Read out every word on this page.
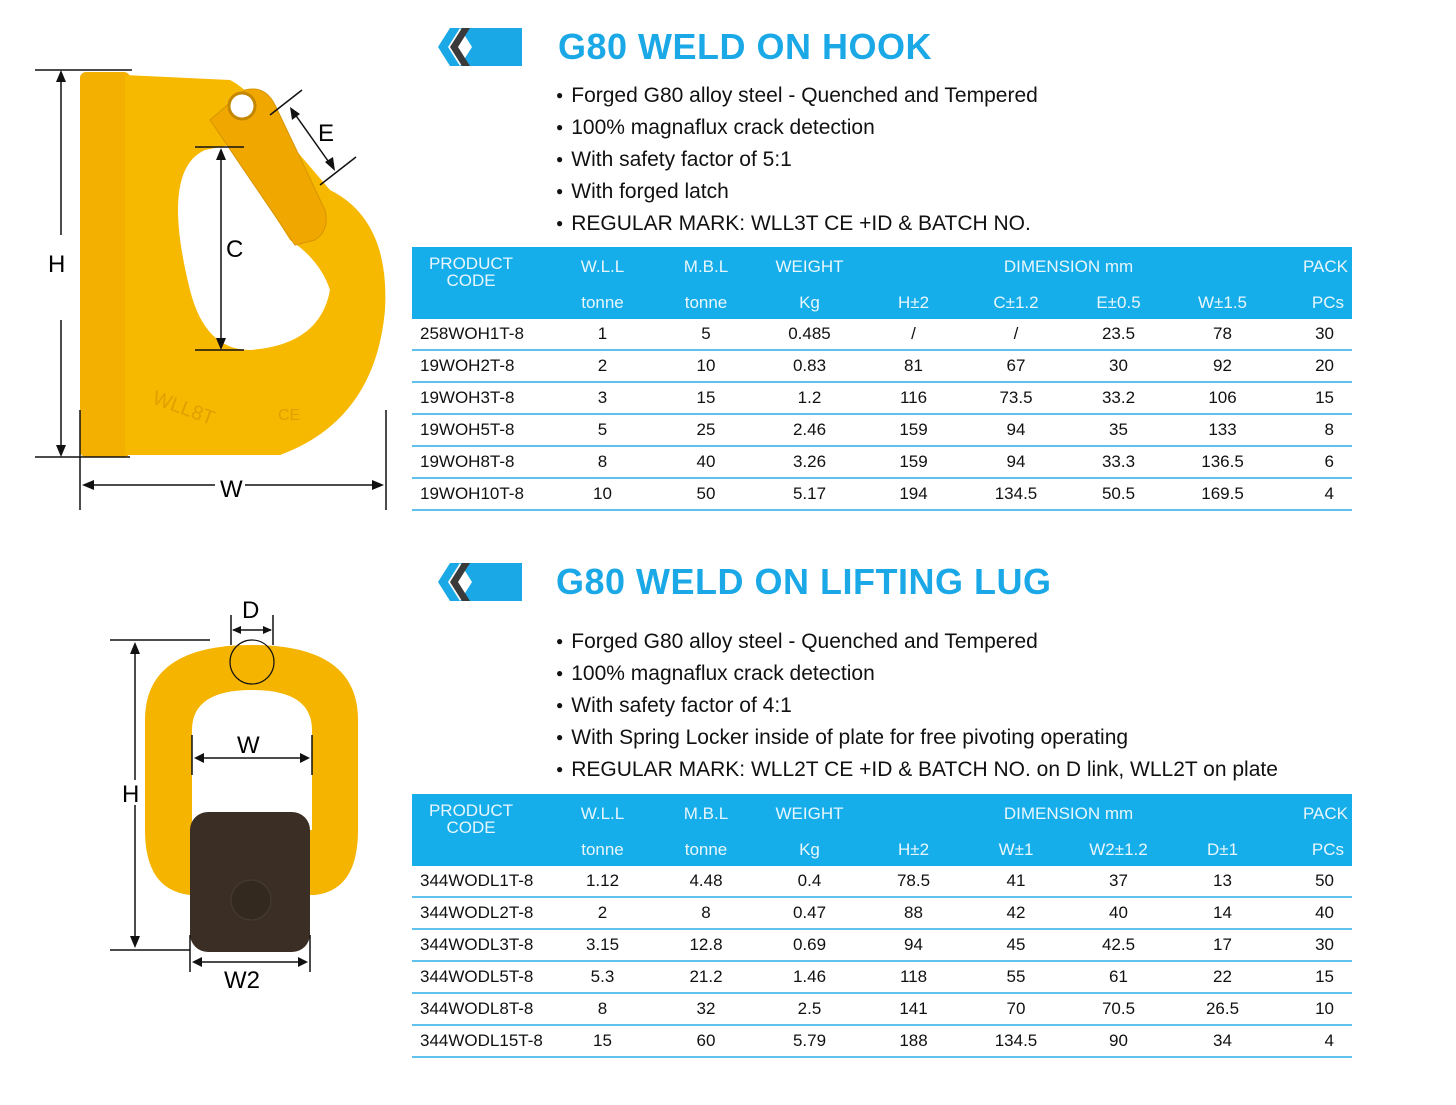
G80 WELD ON HOOK
● Forged G80 alloy steel - Quenched and Tempered
● 100% magnaflux crack detection
● With safety factor of 5:1
● With forged latch
● REGULAR MARK: WLL3T CE +ID & BATCH NO.
WLL8T	CE
H
C
E
W
PRODUCT CODE	W.L.L	M.B.L	WEIGHT	DIMENSION mm				PACK
	tonne	tonne	Kg	H±2	C±1.2	E±0.5	W±1.5	PCs
258WOH1T-8	1	5	0.485	/	/	23.5	78	30
19WOH2T-8	2	10	0.83	81	67	30	92	20
19WOH3T-8	3	15	1.2	116	73.5	33.2	106	15
19WOH5T-8	5	25	2.46	159	94	35	133	8
19WOH8T-8	8	40	3.26	159	94	33.3	136.5	6
19WOH10T-8	10	50	5.17	194	134.5	50.5	169.5	4
G80 WELD ON LIFTING LUG
● Forged G80 alloy steel - Quenched and Tempered
● 100% magnaflux crack detection
● With safety factor of 4:1
● With Spring Locker inside of plate for free pivoting operating
● REGULAR MARK: WLL2T CE +ID & BATCH NO. on D link, WLL2T on plate
D
W
H
W2
PRODUCT CODE	W.L.L	M.B.L	WEIGHT	DIMENSION mm				PACK
	tonne	tonne	Kg	H±2	W±1	W2±1.2	D±1	PCs
344WODL1T-8	1.12	4.48	0.4	78.5	41	37	13	50
344WODL2T-8	2	8	0.47	88	42	40	14	40
344WODL3T-8	3.15	12.8	0.69	94	45	42.5	17	30
344WODL5T-8	5.3	21.2	1.46	118	55	61	22	15
344WODL8T-8	8	32	2.5	141	70	70.5	26.5	10
344WODL15T-8	15	60	5.79	188	134.5	90	34	4
